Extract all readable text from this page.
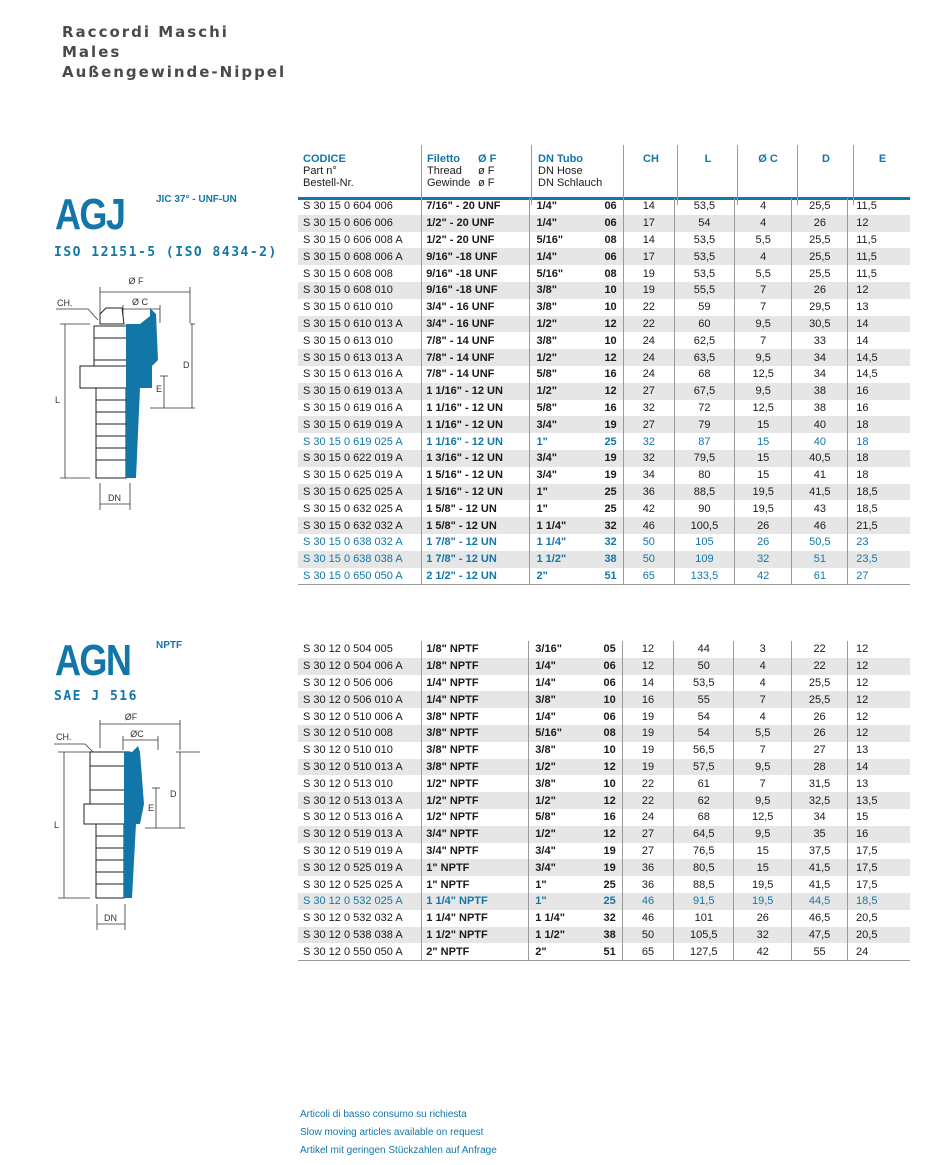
Raccordi Maschi
Males
Außengewinde-Nippel
AGJ	JIC 37° - UNF-UN
ISO 12151-5 (ISO 8434-2)
Ø F
Ø C
CH.
D
E
L
DN
CODICE
Part n°
Bestell-Nr.
Filetto Ø F
Thread ø F
Gewinde ø F
DN Tubo
DN Hose
DN Schlauch
CH	L	Ø C	D	E
S 30 15 0 604 006	7/16" - 20 UNF	1/4"	06	14	53,5	4	25,5	11,5
S 30 15 0 606 006	1/2" - 20 UNF	1/4"	06	17	54	4	26	12
S 30 15 0 606 008 A	1/2" - 20 UNF	5/16"	08	14	53,5	5,5	25,5	11,5
S 30 15 0 608 006 A	9/16" -18 UNF	1/4"	06	17	53,5	4	25,5	11,5
S 30 15 0 608 008	9/16" -18 UNF	5/16"	08	19	53,5	5,5	25,5	11,5
S 30 15 0 608 010	9/16" -18 UNF	3/8"	10	19	55,5	7	26	12
S 30 15 0 610 010	3/4" - 16 UNF	3/8"	10	22	59	7	29,5	13
S 30 15 0 610 013 A	3/4" - 16 UNF	1/2"	12	22	60	9,5	30,5	14
S 30 15 0 613 010	7/8" - 14 UNF	3/8"	10	24	62,5	7	33	14
S 30 15 0 613 013 A	7/8" - 14 UNF	1/2"	12	24	63,5	9,5	34	14,5
S 30 15 0 613 016 A	7/8" - 14 UNF	5/8"	16	24	68	12,5	34	14,5
S 30 15 0 619 013 A	1 1/16" - 12 UN	1/2"	12	27	67,5	9,5	38	16
S 30 15 0 619 016 A	1 1/16" - 12 UN	5/8"	16	32	72	12,5	38	16
S 30 15 0 619 019 A	1 1/16" - 12 UN	3/4"	19	27	79	15	40	18
S 30 15 0 619 025 A	1 1/16" - 12 UN	1"	25	32	87	15	40	18
S 30 15 0 622 019 A	1 3/16" - 12 UN	3/4"	19	32	79,5	15	40,5	18
S 30 15 0 625 019 A	1 5/16" - 12 UN	3/4"	19	34	80	15	41	18
S 30 15 0 625 025 A	1 5/16" - 12 UN	1"	25	36	88,5	19,5	41,5	18,5
S 30 15 0 632 025 A	1 5/8" - 12 UN	1"	25	42	90	19,5	43	18,5
S 30 15 0 632 032 A	1 5/8" - 12 UN	1 1/4"	32	46	100,5	26	46	21,5
S 30 15 0 638 032 A	1 7/8" - 12 UN	1 1/4"	32	50	105	26	50,5	23
S 30 15 0 638 038 A	1 7/8" - 12 UN	1 1/2"	38	50	109	32	51	23,5
S 30 15 0 650 050 A	2 1/2" - 12 UN	2"	51	65	133,5	42	61	27
AGN	NPTF
SAE J 516
ØF
ØC
CH.
D
E
L
DN
S 30 12 0 504 005	1/8" NPTF	3/16"	05	12	44	3	22	12
S 30 12 0 504 006 A	1/8" NPTF	1/4"	06	12	50	4	22	12
S 30 12 0 506 006	1/4" NPTF	1/4"	06	14	53,5	4	25,5	12
S 30 12 0 506 010 A	1/4" NPTF	3/8"	10	16	55	7	25,5	12
S 30 12 0 510 006 A	3/8" NPTF	1/4"	06	19	54	4	26	12
S 30 12 0 510 008	3/8" NPTF	5/16"	08	19	54	5,5	26	12
S 30 12 0 510 010	3/8" NPTF	3/8"	10	19	56,5	7	27	13
S 30 12 0 510 013 A	3/8" NPTF	1/2"	12	19	57,5	9,5	28	14
S 30 12 0 513 010	1/2" NPTF	3/8"	10	22	61	7	31,5	13
S 30 12 0 513 013 A	1/2" NPTF	1/2"	12	22	62	9,5	32,5	13,5
S 30 12 0 513 016 A	1/2" NPTF	5/8"	16	24	68	12,5	34	15
S 30 12 0 519 013 A	3/4" NPTF	1/2"	12	27	64,5	9,5	35	16
S 30 12 0 519 019 A	3/4" NPTF	3/4"	19	27	76,5	15	37,5	17,5
S 30 12 0 525 019 A	1" NPTF	3/4"	19	36	80,5	15	41,5	17,5
S 30 12 0 525 025 A	1" NPTF	1"	25	36	88,5	19,5	41,5	17,5
S 30 12 0 532 025 A	1 1/4" NPTF	1"	25	46	91,5	19,5	44,5	18,5
S 30 12 0 532 032 A	1 1/4" NPTF	1 1/4"	32	46	101	26	46,5	20,5
S 30 12 0 538 038 A	1 1/2" NPTF	1 1/2"	38	50	105,5	32	47,5	20,5
S 30 12 0 550 050 A	2" NPTF	2"	51	65	127,5	42	55	24
Articoli di basso consumo su richiesta
Slow moving articles available on request
Artikel mit geringen Stückzahlen auf Anfrage
